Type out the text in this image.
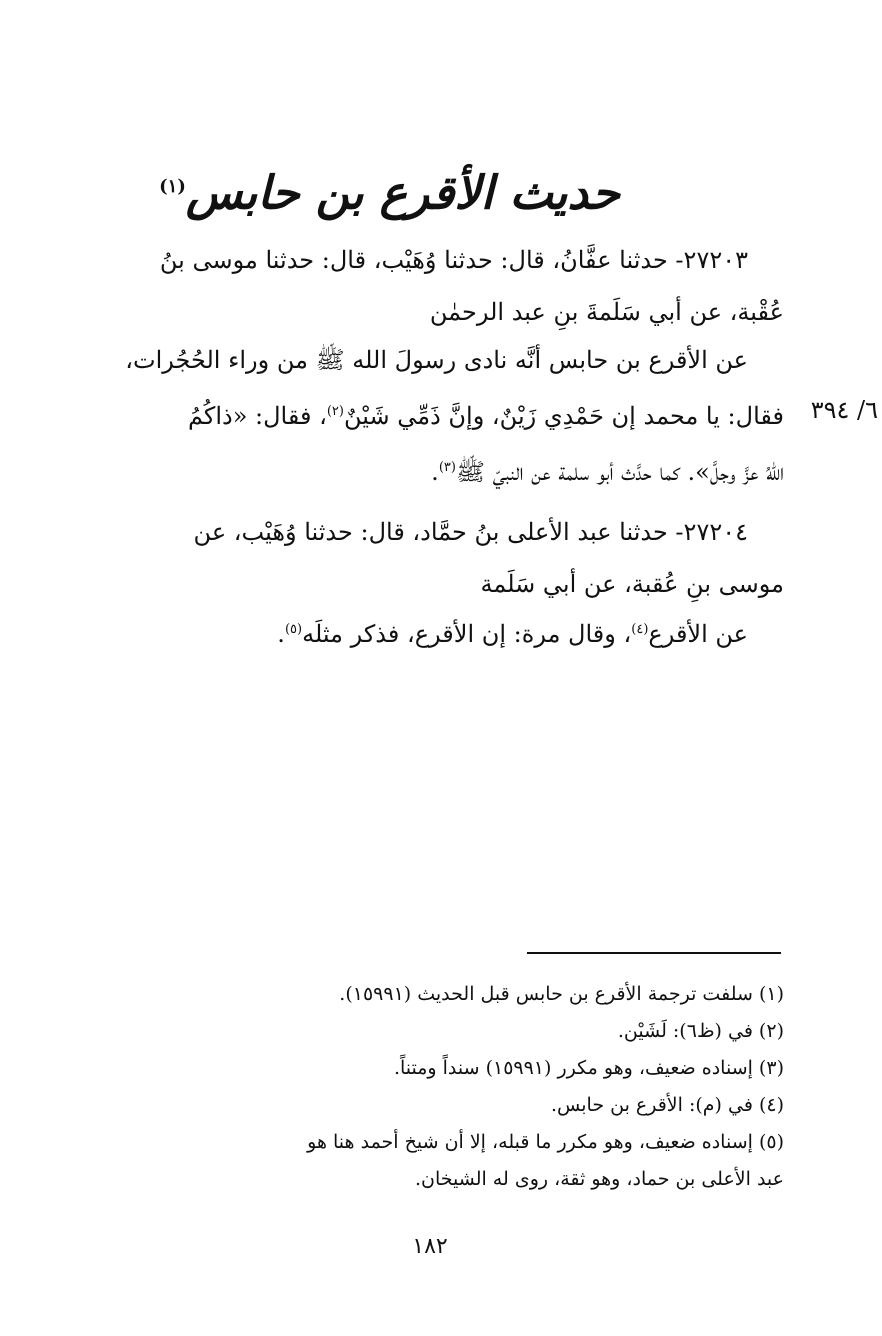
حديث الأقرع بن حابس$^{(١)}$
٢٧٢٠٣- حدثنا عفَّانُ، قال: حدثنا وُهَيْب، قال: حدثنا موسى بنُ
عُقْبة، عن أبي سَلَمةَ بنِ عبد الرحمٰن
عن الأقرع بن حابس أنَّه نادى رسولَ الله ﷺ من وراء الحُجُرات،
فقال: يا محمد إن حَمْدِي زَيْنٌ، وإنَّ ذَمِّي شَيْنٌ$^{(٢)}$، فقال: «ذاكُمُ
اللهُ عزَّ وجلَّ». كما حدَّث أبو سلمة عن النبيّ ﷺ$^{(٣)}$.
٦/ ٣٩٤
٢٧٢٠٤- حدثنا عبد الأعلى بنُ حمَّاد، قال: حدثنا وُهَيْب، عن
موسى بنِ عُقبة، عن أبي سَلَمة
عن الأقرع$^{(٤)}$، وقال مرة: إن الأقرع، فذكر مثلَه$^{(٥)}$.
(١) سلفت ترجمة الأقرع بن حابس قبل الحديث (١٥٩٩١).
(٢) في (ظ٦): لَشَيْن.
(٣) إسناده ضعيف، وهو مكرر (١٥٩٩١) سنداً ومتناً.
(٤) في (م): الأقرع بن حابس.
(٥) إسناده ضعيف، وهو مكرر ما قبله، إلا أن شيخ أحمد هنا هو
عبد الأعلى بن حماد، وهو ثقة، روى له الشيخان.
١٨٢
